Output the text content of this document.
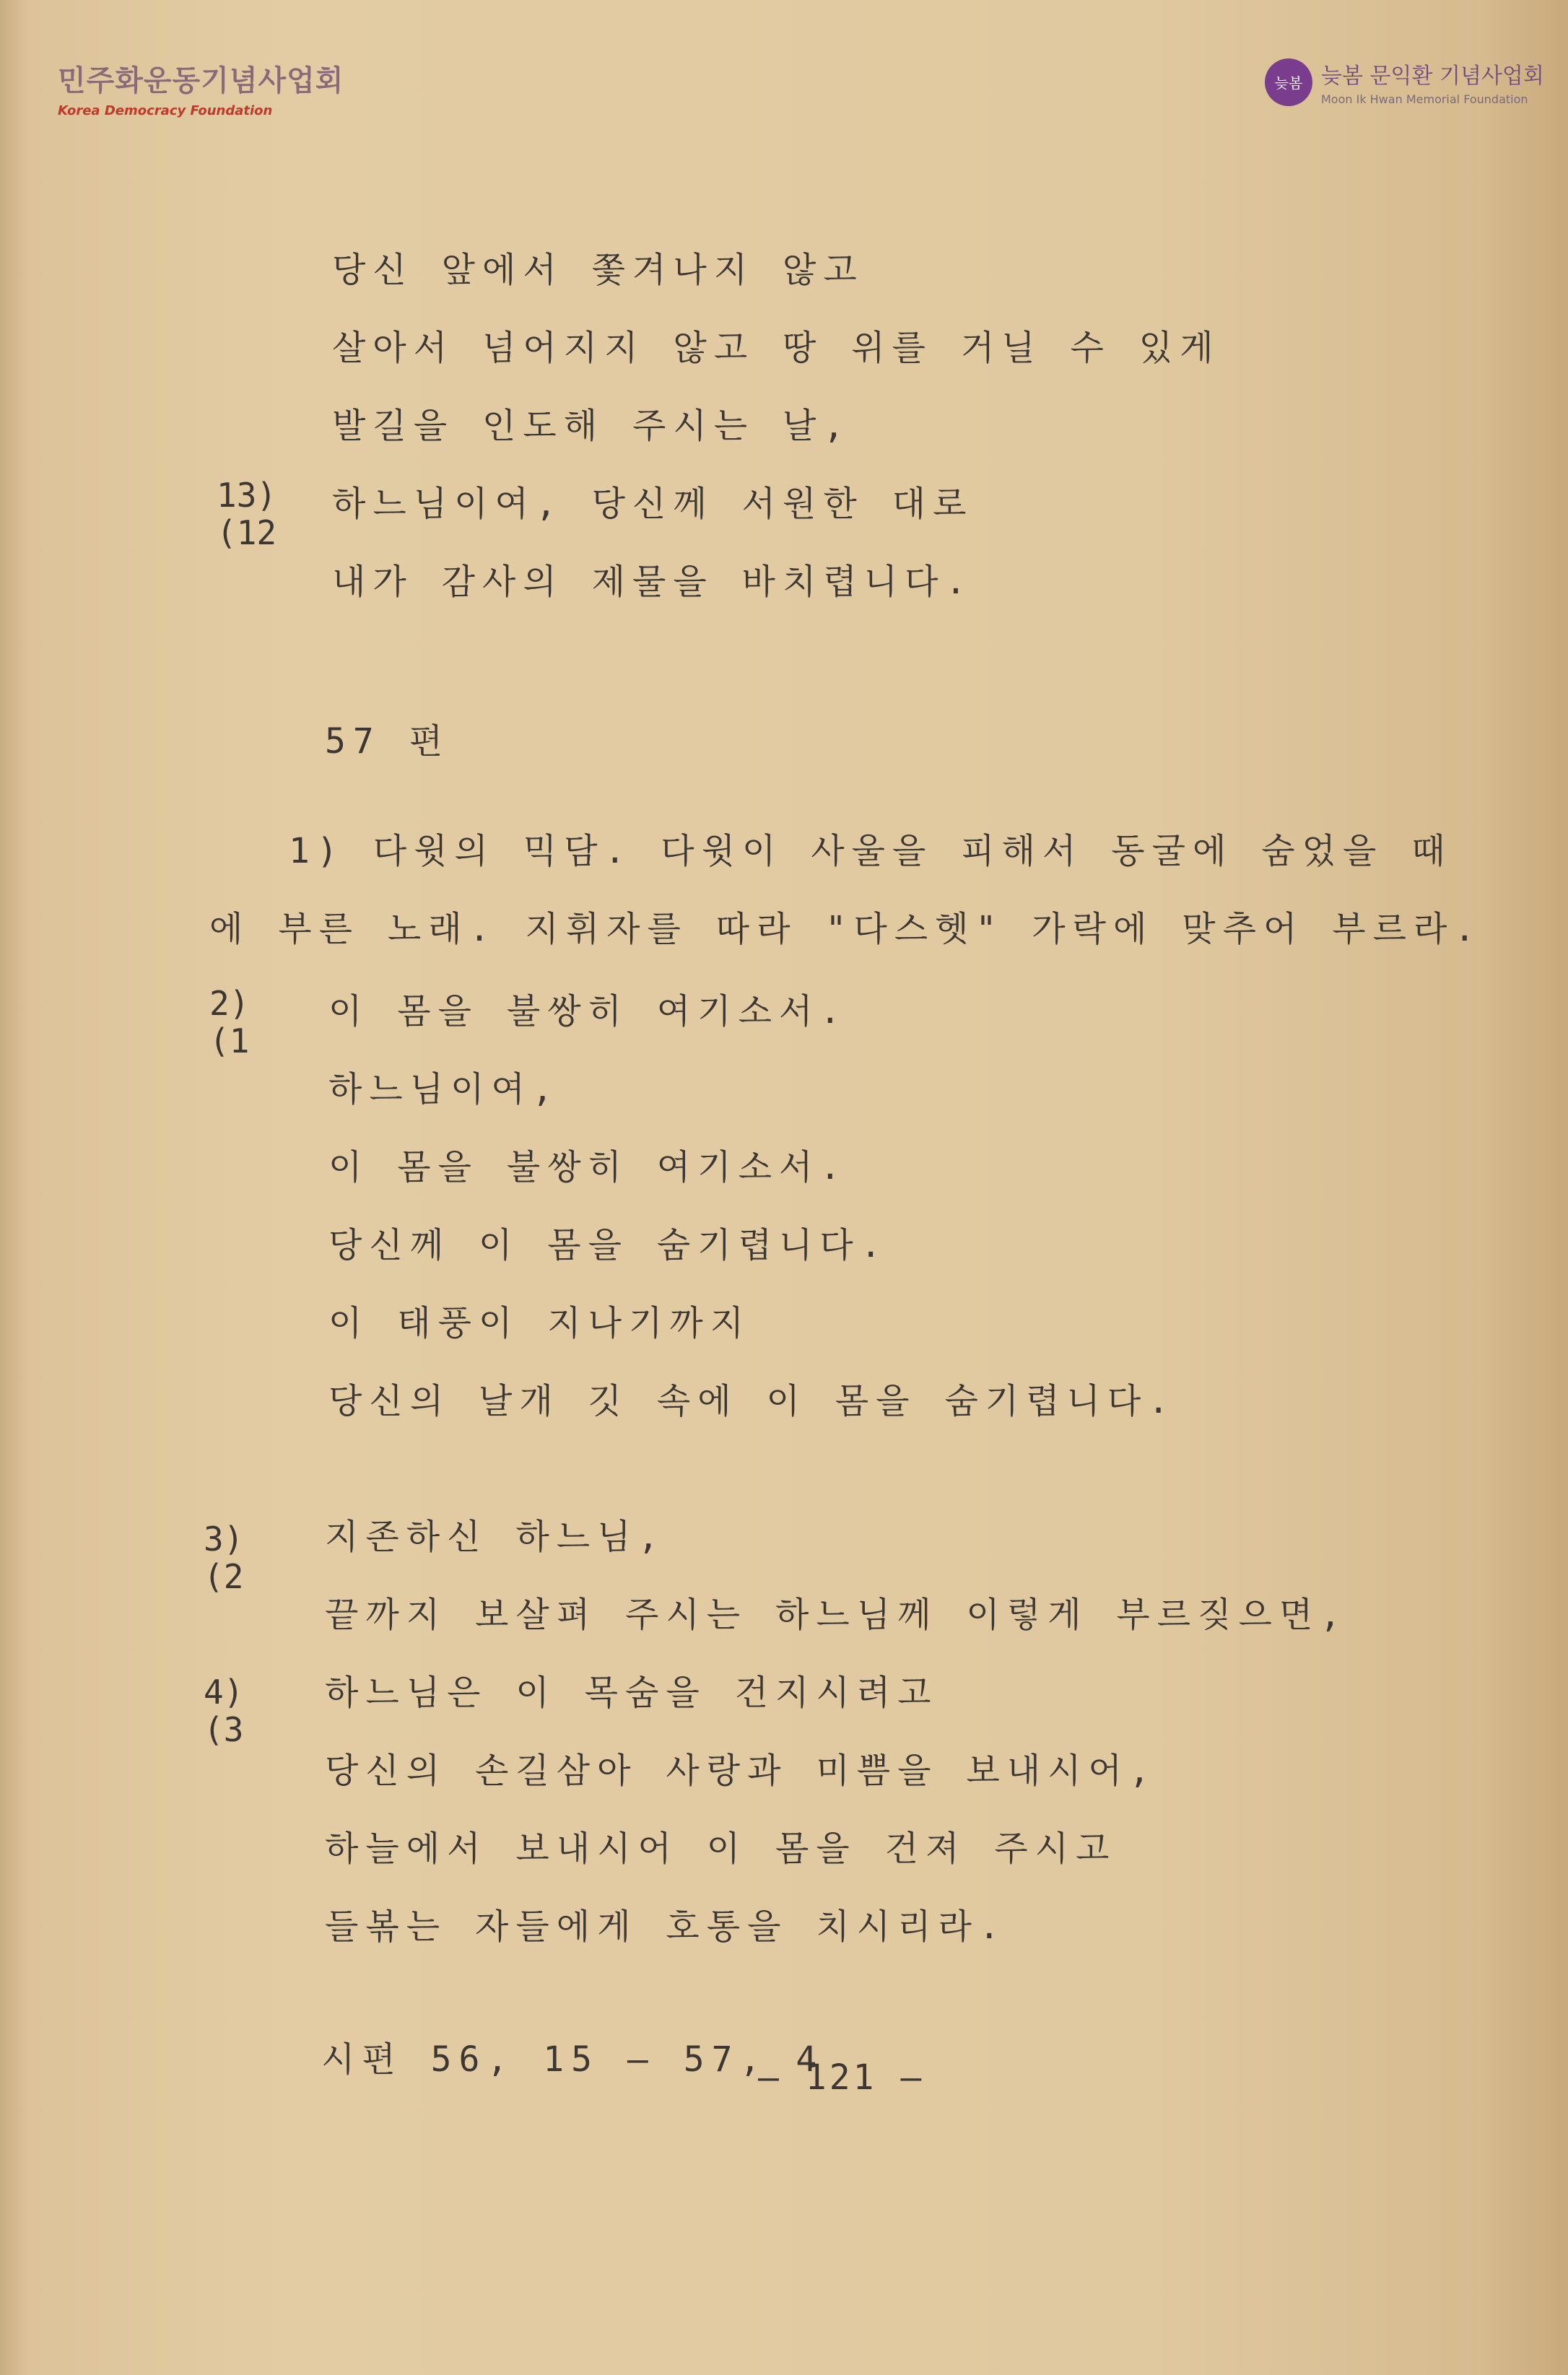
민주화운동기념사업회
Korea Democracy Foundation
늦봄 늦봄 문익환 기념사업회
Moon Ik Hwan Memorial Foundation
당신 앞에서 쫓겨나지 않고
살아서 넘어지지 않고 땅 위를 거닐 수 있게
발길을 인도해 주시는 날,
13)
(12
하느님이여, 당신께 서원한 대로
내가 감사의 제물을 바치렵니다.
57 편
1) 다윗의 믹담. 다윗이 사울을 피해서 동굴에 숨었을 때
에 부른 노래. 지휘자를 따라 "다스헷" 가락에 맞추어 부르라.
2)
(1
이 몸을 불쌍히 여기소서.
하느님이여,
이 몸을 불쌍히 여기소서.
당신께 이 몸을 숨기렵니다.
이 태풍이 지나기까지
당신의 날개 깃 속에 이 몸을 숨기렵니다.
3)
(2
지존하신 하느님,
끝까지 보살펴 주시는 하느님께 이렇게 부르짖으면,
4)
(3
하느님은 이 목숨을 건지시려고
당신의 손길삼아 사랑과 미쁨을 보내시어,
하늘에서 보내시어 이 몸을 건져 주시고
들볶는 자들에게 호통을 치시리라.
시편 56, 15 — 57, 4
— 121 —
